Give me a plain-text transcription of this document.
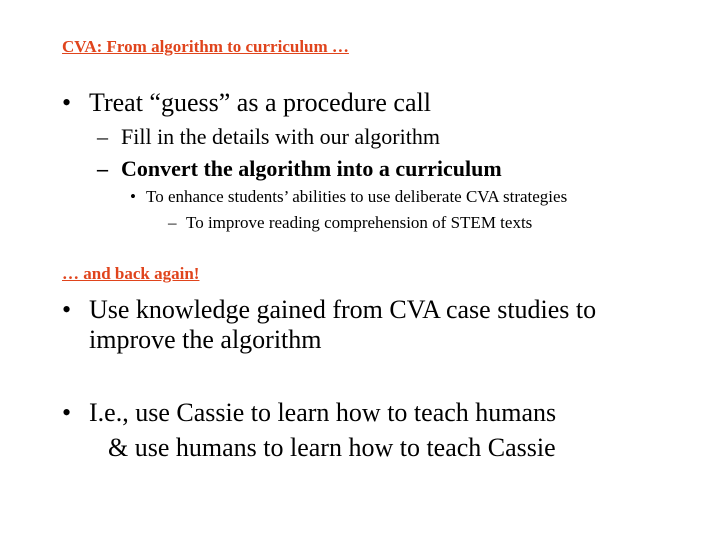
CVA: From algorithm to curriculum …

• Treat “guess” as a procedure call

– Fill in the details with our algorithm

– Convert the algorithm into a curriculum

• To enhance students’ abilities to use deliberate CVA strategies

– To improve reading comprehension of STEM texts

… and back again!

• Use knowledge gained from CVA case studies to

improve the algorithm

• I.e., use Cassie to learn how to teach humans

& use humans to learn how to teach Cassie
